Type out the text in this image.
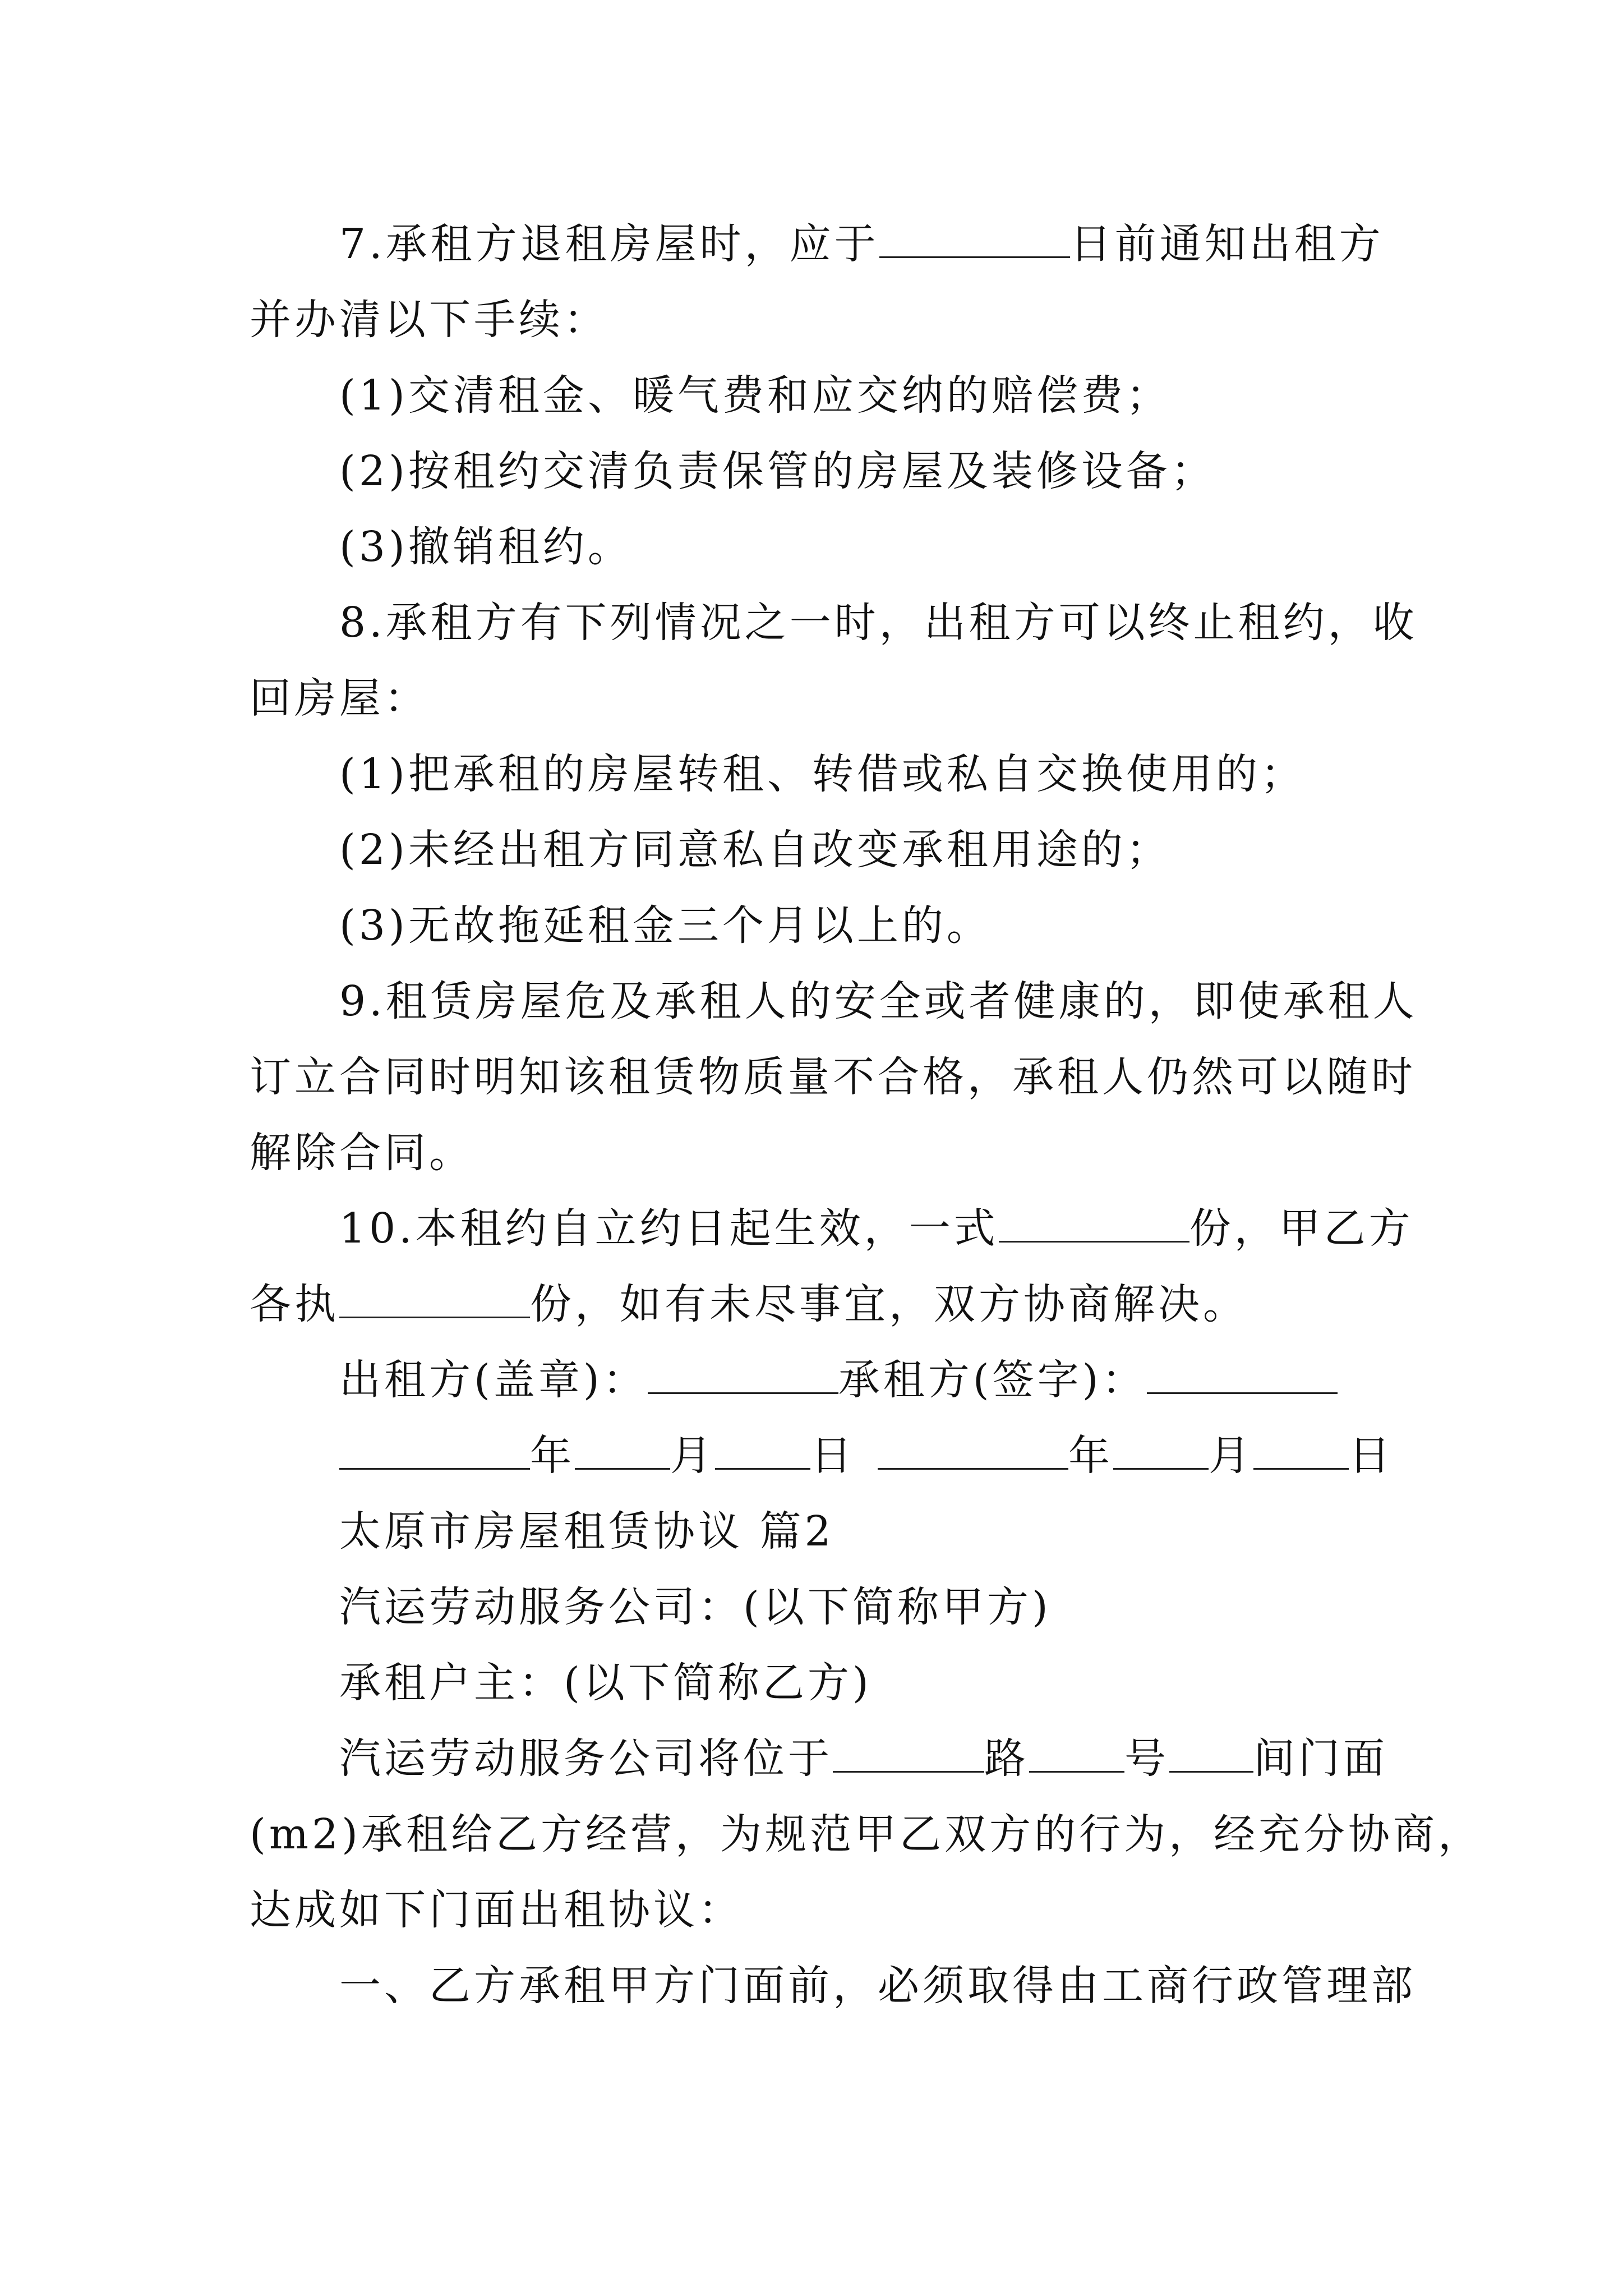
7.承租方退租房屋时，应于	日前通知出租方
并办清以下手续：
(1)交清租金、暖气费和应交纳的赔偿费；
(2)按租约交清负责保管的房屋及装修设备；
(3)撤销租约。
8.承租方有下列情况之一时，出租方可以终止租约，收
回房屋：
(1)把承租的房屋转租、转借或私自交换使用的；
(2)未经出租方同意私自改变承租用途的；
(3)无故拖延租金三个月以上的。
9.租赁房屋危及承租人的安全或者健康的，即使承租人
订立合同时明知该租赁物质量不合格，承租人仍然可以随时
解除合同。
10.本租约自立约日起生效，一式	份，甲乙方
各执	份，如有未尽事宜，双方协商解决。
出租方(盖章)：	承租方(签字)：
年 月 日	年 月 日
太原市房屋租赁协议 篇2
汽运劳动服务公司：(以下简称甲方)
承租户主：(以下简称乙方)
汽运劳动服务公司将位于	路 号 间门面
(m2)承租给乙方经营，为规范甲乙双方的行为，经充分协商，
达成如下门面出租协议：
一、乙方承租甲方门面前，必须取得由工商行政管理部
